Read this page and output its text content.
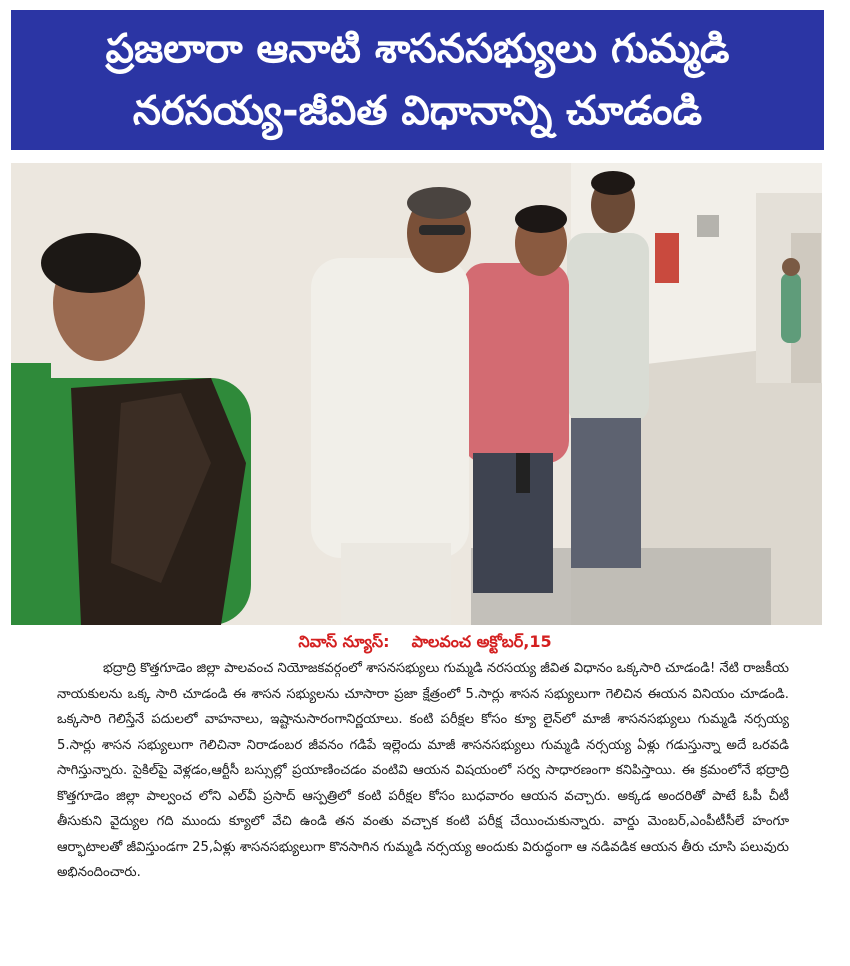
ప్రజలారా ఆనాటి శాసనసభ్యులు గుమ్మడి
నరసయ్య-జీవిత విధానాన్ని చూడండి
నివాస్ న్యూస్: పాలవంచ అక్టోబర్,15

భద్రాద్రి కొత్తగూడెం జిల్లా పాలవంచ నియోజకవర్గంలో శాసనసభ్యులు గుమ్మడి నరసయ్య జీవిత విధానం ఒక్కసారి చూడండి! నేటి రాజకీయ నాయకులను ఒక్క సారి చూడండి ఈ శాసన సభ్యులను చూసారా ప్రజా క్షేత్రంలో 5.సార్లు శాసన సభ్యులుగా గెలిచిన ఈయన వినియం చూడండి. ఒక్కసారి గెలిస్తేనే పదులలో వాహనాలు, ఇష్టానుసారంగానిర్ణయాలు. కంటి పరీక్షల కోసం క్యూ లైన్‌లో మాజీ శాసనసభ్యులు గుమ్మడి నర్సయ్య 5.సార్లు శాసన సభ్యులుగా గెలిచినా నిరాడంబర జీవనం గడిపే ఇల్లెందు మాజీ శాసనసభ్యులు గుమ్మడి నర్సయ్య ఏళ్లు గడుస్తున్నా అదే ఒరవడి సాగిస్తున్నారు. సైకిల్‌పై వెళ్లడం,ఆర్టీసీ బస్సుల్లో ప్రయాణించడం వంటివి ఆయన విషయంలో సర్వ సాధారణంగా కనిపిస్తాయి. ఈ క్రమంలోనే భద్రాద్రి కొత్తగూడెం జిల్లా పాల్వంచ లోని ఎల్‌వీ ప్రసాద్ ఆస్పత్రిలో కంటి పరీక్షల కోసం బుధవారం ఆయన వచ్చారు. అక్కడ అందరితో పాటే ఓపీ చీటీ తీసుకుని వైద్యుల గది ముందు క్యూలో వేచి ఉండి తన వంతు వచ్చాక కంటి పరీక్ష చేయించుకున్నారు. వార్డు మెంబర్,ఎంపీటీసీలే హంగూ ఆర్భాటాలతో జీవిస్తుండగా 25,ఏళ్లు శాసనసభ్యులుగా కొనసాగిన గుమ్మడి నర్సయ్య అందుకు విరుద్ధంగా ఆ నడివడిక ఆయన తీరు చూసి పలువురు అభినందించారు.
